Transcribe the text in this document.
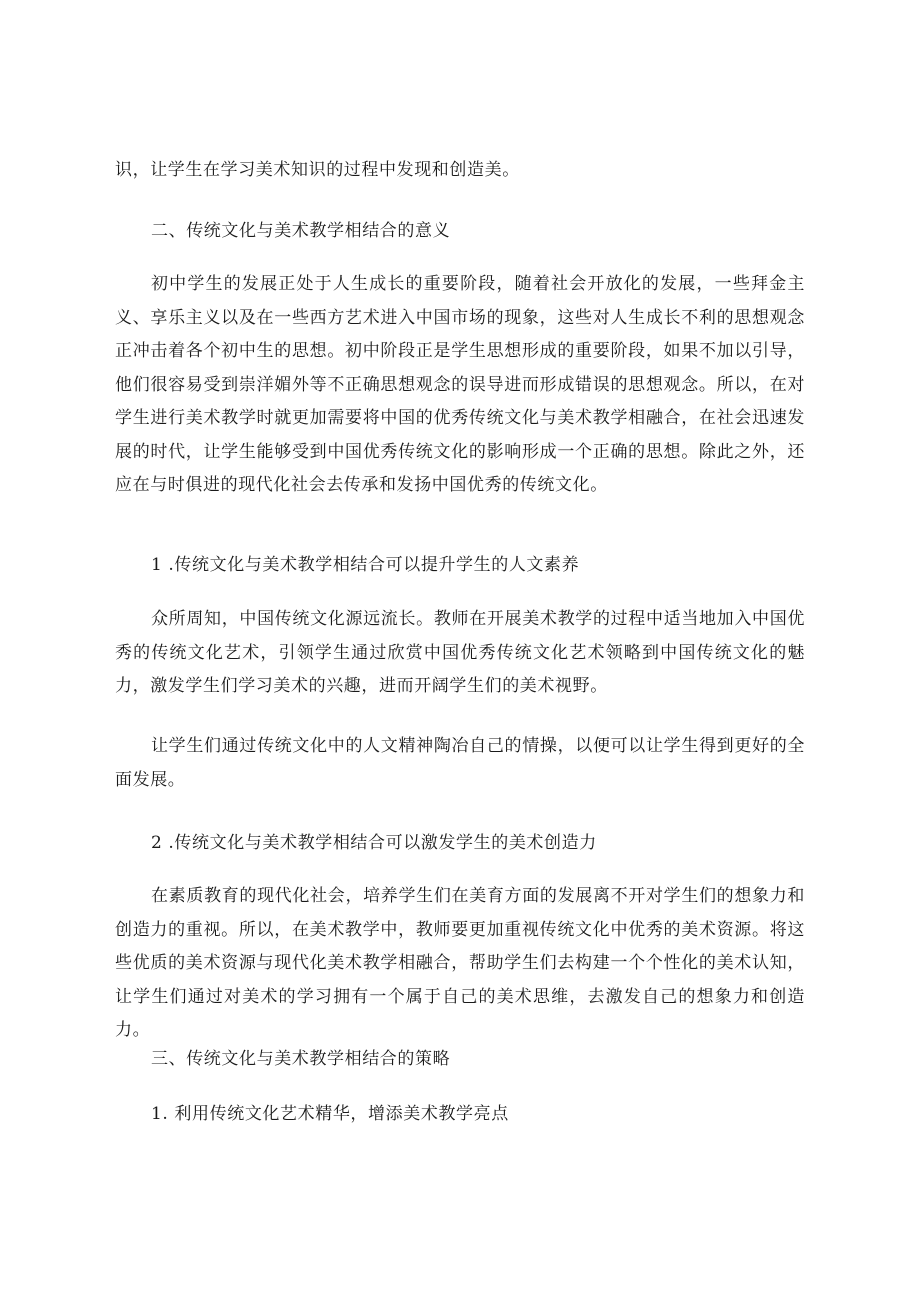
识，让学生在学习美术知识的过程中发现和创造美。

二、传统文化与美术教学相结合的意义

初中学生的发展正处于人生成长的重要阶段，随着社会开放化的发展，一些拜金主义、享乐主义以及在一些西方艺术进入中国市场的现象，这些对人生成长不利的思想观念正冲击着各个初中生的思想。初中阶段正是学生思想形成的重要阶段，如果不加以引导，他们很容易受到崇洋媚外等不正确思想观念的误导进而形成错误的思想观念。所以，在对学生进行美术教学时就更加需要将中国的优秀传统文化与美术教学相融合，在社会迅速发展的时代，让学生能够受到中国优秀传统文化的影响形成一个正确的思想。除此之外，还应在与时俱进的现代化社会去传承和发扬中国优秀的传统文化。

1 .传统文化与美术教学相结合可以提升学生的人文素养

众所周知，中国传统文化源远流长。教师在开展美术教学的过程中适当地加入中国优秀的传统文化艺术，引领学生通过欣赏中国优秀传统文化艺术领略到中国传统文化的魅力，激发学生们学习美术的兴趣，进而开阔学生们的美术视野。

让学生们通过传统文化中的人文精神陶冶自己的情操，以便可以让学生得到更好的全面发展。

2 .传统文化与美术教学相结合可以激发学生的美术创造力

在素质教育的现代化社会，培养学生们在美育方面的发展离不开对学生们的想象力和创造力的重视。所以，在美术教学中，教师要更加重视传统文化中优秀的美术资源。将这些优质的美术资源与现代化美术教学相融合，帮助学生们去构建一个个性化的美术认知，让学生们通过对美术的学习拥有一个属于自己的美术思维，去激发自己的想象力和创造力。

三、传统文化与美术教学相结合的策略

1. 利用传统文化艺术精华，增添美术教学亮点
